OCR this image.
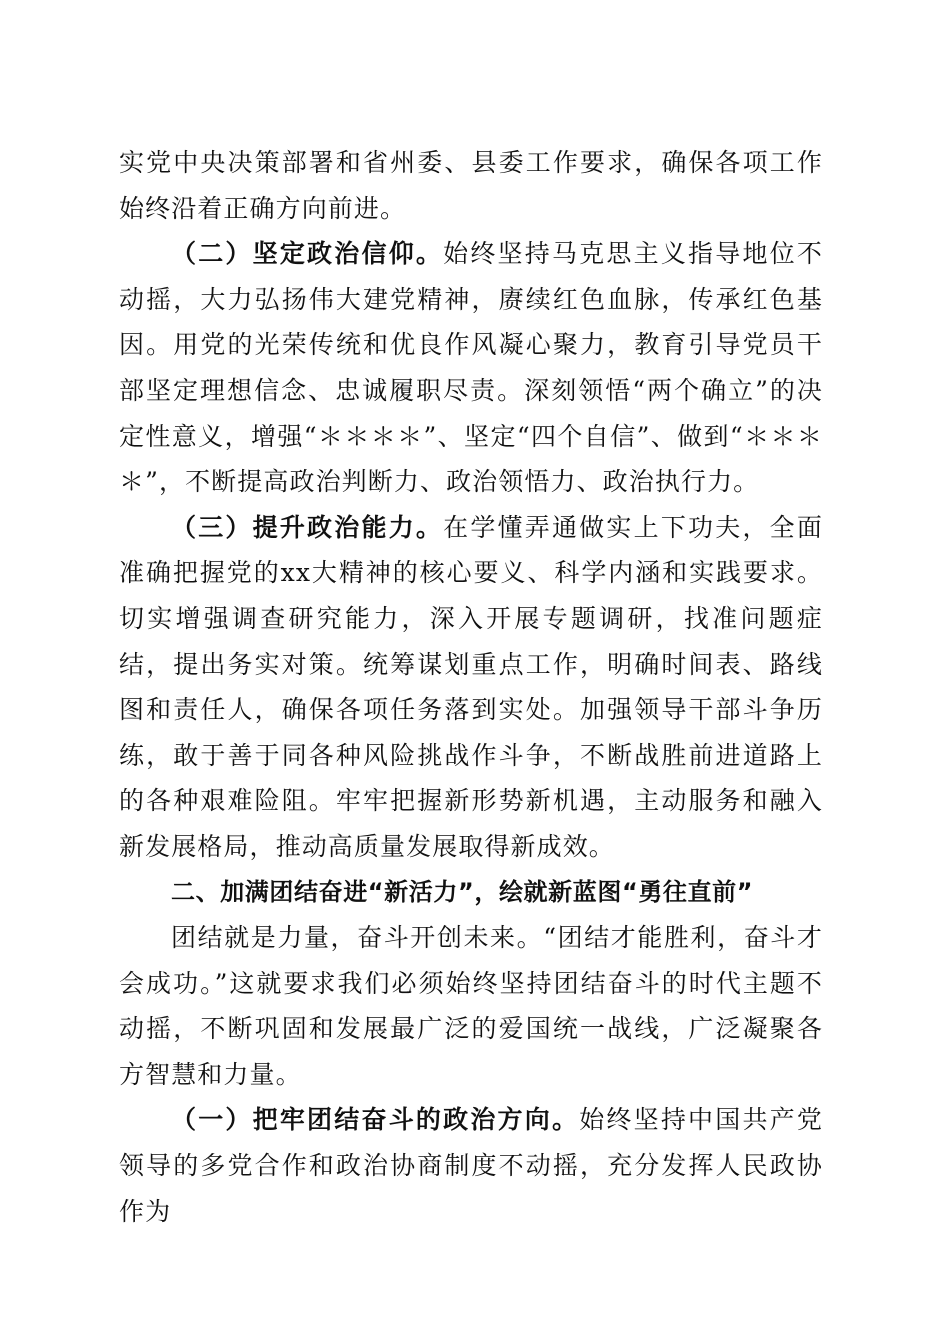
实党中央决策部署和省州委、县委工作要求，确保各项工作始终沿着正确方向前进。

（二）坚定政治信仰。始终坚持马克思主义指导地位不动摇，大力弘扬伟大建党精神，赓续红色血脉，传承红色基因。用党的光荣传统和优良作风凝心聚力，教育引导党员干部坚定理想信念、忠诚履职尽责。深刻领悟“两个确立”的决定性意义，增强“＊＊＊＊”、坚定“四个自信”、做到“＊＊＊＊”，不断提高政治判断力、政治领悟力、政治执行力。

（三）提升政治能力。在学懂弄通做实上下功夫，全面准确把握党的xx大精神的核心要义、科学内涵和实践要求。切实增强调查研究能力，深入开展专题调研，找准问题症结，提出务实对策。统筹谋划重点工作，明确时间表、路线图和责任人，确保各项任务落到实处。加强领导干部斗争历练，敢于善于同各种风险挑战作斗争，不断战胜前进道路上的各种艰难险阻。牢牢把握新形势新机遇，主动服务和融入新发展格局，推动高质量发展取得新成效。

二、加满团结奋进“新活力”，绘就新蓝图“勇往直前”

团结就是力量，奋斗开创未来。“团结才能胜利，奋斗才会成功。”这就要求我们必须始终坚持团结奋斗的时代主题不动摇，不断巩固和发展最广泛的爱国统一战线，广泛凝聚各方智慧和力量。

（一）把牢团结奋斗的政治方向。始终坚持中国共产党领导的多党合作和政治协商制度不动摇，充分发挥人民政协作为
